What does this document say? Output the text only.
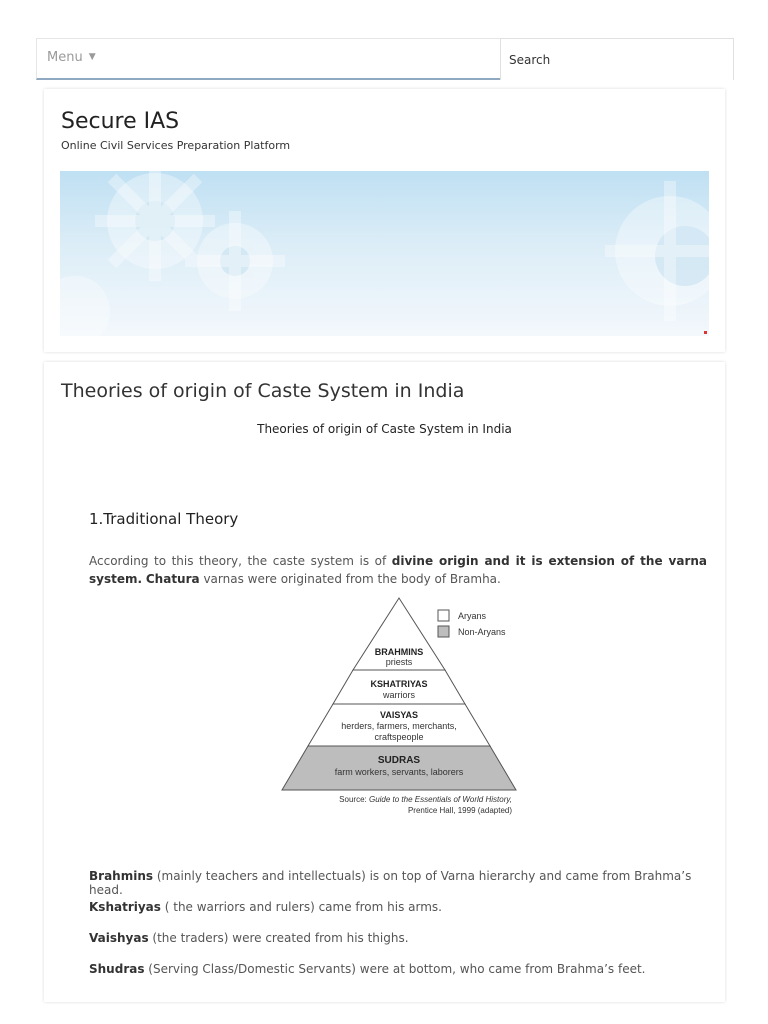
Menu ▼
Search
Secure IAS
Online Civil Services Preparation Platform
Theories of origin of Caste System in India
Theories of origin of Caste System in India
1.Traditional Theory

According to this theory, the caste system is of divine origin and it is extension of the varna system. Chatura varnas were originated from the body of Bramha.

Aryans
Non-Aryans
BRAHMINS
priests
KSHATRIYAS
warriors
VAISYAS
herders, farmers, merchants,
craftspeople
SUDRAS
farm workers, servants, laborers
Source: Guide to the Essentials of World History,
Prentice Hall, 1999 (adapted)

Brahmins (mainly teachers and intellectuals) is on top of Varna hierarchy and came from Brahma’s head.

Kshatriyas ( the warriors and rulers) came from his arms.

Vaishyas (the traders) were created from his thighs.

Shudras (Serving Class/Domestic Servants) were at bottom, who came from Brahma’s feet.
